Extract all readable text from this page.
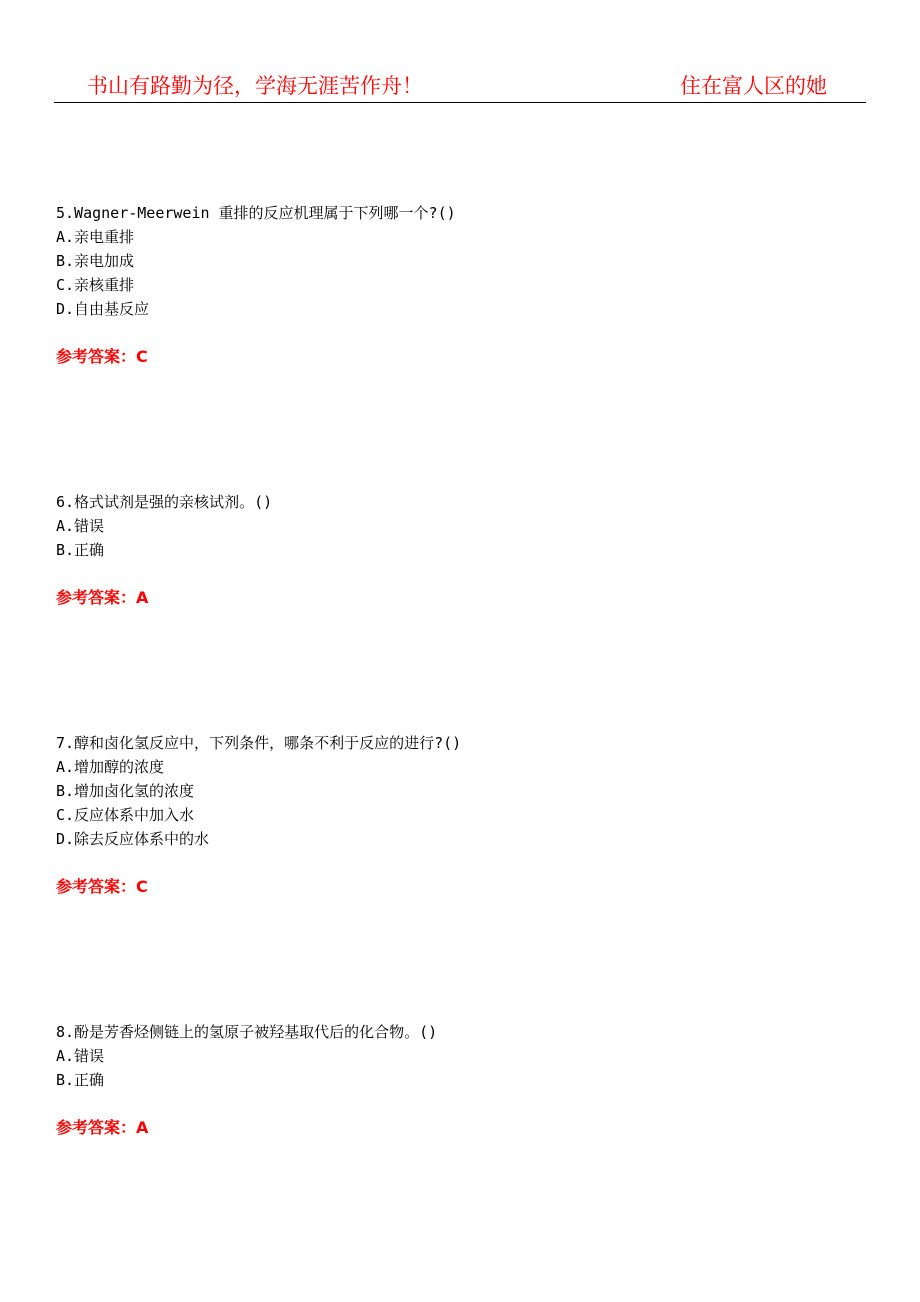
书山有路勤为径，学海无涯苦作舟！	住在富人区的她
5.Wagner-Meerwein 重排的反应机理属于下列哪一个?()
A.亲电重排
B.亲电加成
C.亲核重排
D.自由基反应
参考答案：C
6.格式试剂是强的亲核试剂。()
A.错误
B.正确
参考答案：A
7.醇和卤化氢反应中，下列条件，哪条不利于反应的进行?()
A.增加醇的浓度
B.增加卤化氢的浓度
C.反应体系中加入水
D.除去反应体系中的水
参考答案：C
8.酚是芳香烃侧链上的氢原子被羟基取代后的化合物。()
A.错误
B.正确
参考答案：A
